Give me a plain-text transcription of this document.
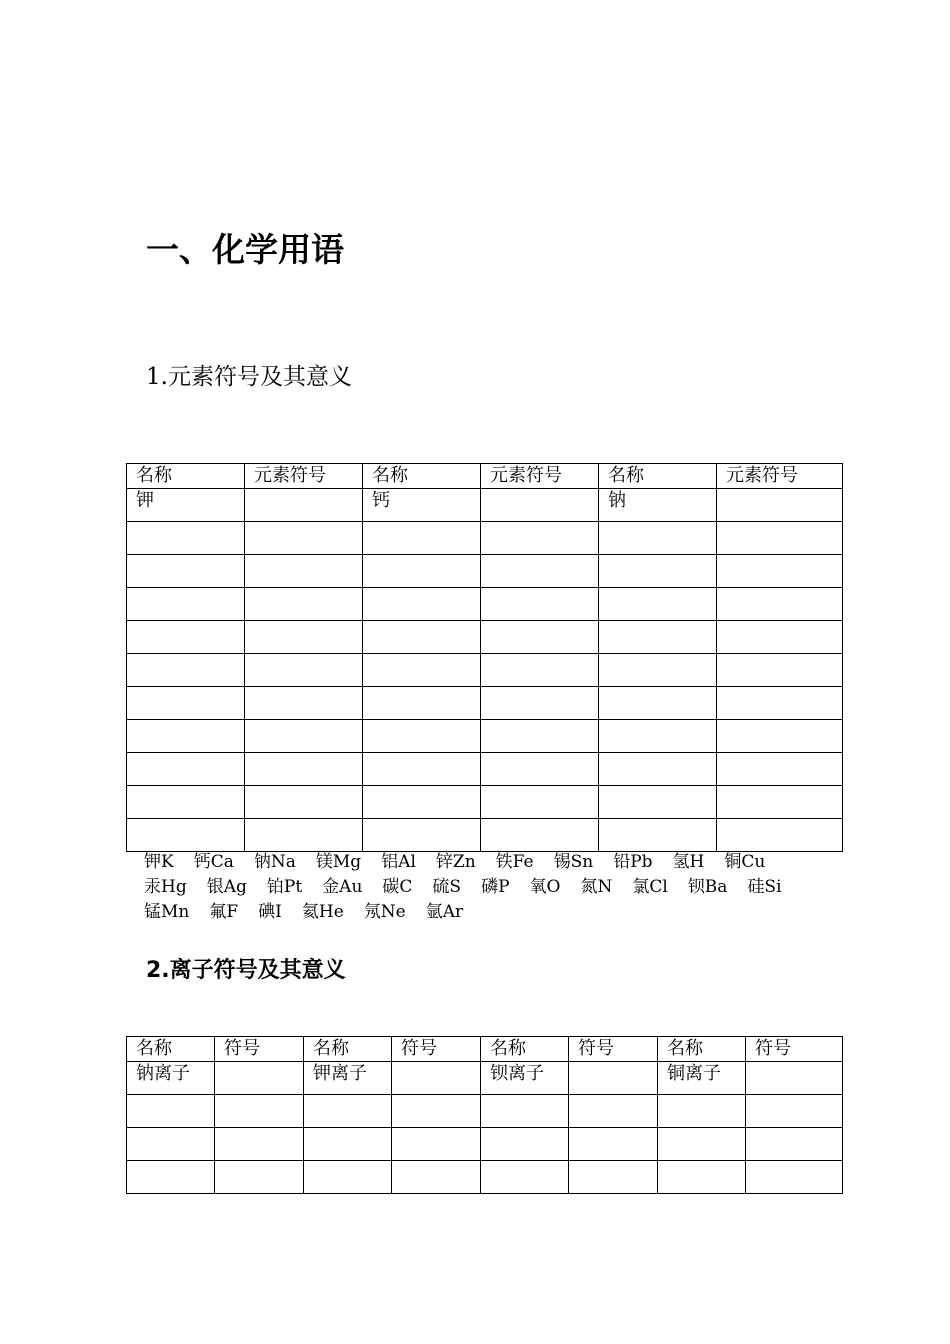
一、化学用语
1.元素符号及其意义
名称	元素符号	名称	元素符号	名称	元素符号
钾		钙		钠	

钾K 钙Ca 钠Na 镁Mg 铝Al 锌Zn 铁Fe 锡Sn 铅Pb 氢H 铜Cu汞Hg 银Ag 铂Pt 金Au 碳C 硫S 磷P 氧O 氮N 氯Cl 钡Ba 硅Si锰Mn 氟F 碘I 氦He 氖Ne 氩Ar
2.离子符号及其意义
名称	符号	名称	符号	名称	符号	名称	符号
钠离子		钾离子		钡离子		铜离子	
